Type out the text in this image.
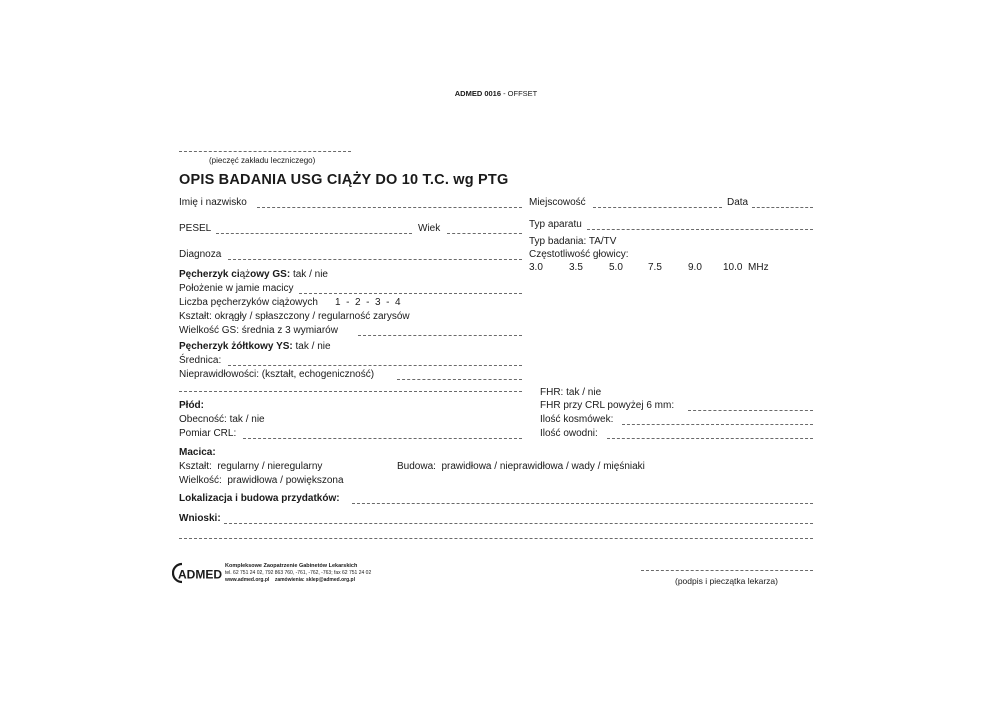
ADMED 0016 - OFFSET
(pieczęć zakładu leczniczego)
OPIS BADANIA USG CIĄŻY DO 10 T.C. wg PTG
Imię i nazwisko
PESEL	Wiek
Diagnoza
Miejscowość	Data
Typ aparatu
Typ badania: TA/TV
Częstotliwość głowicy:
3.0	3.5	5.0	7.5	9.0 10.0  MHz
Pęcherzyk ciążowy GS: tak / nie
Położenie w jamie macicy
Liczba pęcherzyków ciążowych 1  -  2  -  3  -  4
Kształt: okrągły / spłaszczony / regularność zarysów
Wielkość GS: średnia z 3 wymiarów
Pęcherzyk żółtkowy YS: tak / nie
Średnica:
Nieprawidłowości: (kształt, echogeniczność)
Płód:
Obecność: tak / nie
Pomiar CRL:
FHR: tak / nie
FHR przy CRL powyżej 6 mm:
Ilość kosmówek:
Ilość owodni:
Macica:
Kształt:  regularny / nieregularny	Budowa:  prawidłowa / nieprawidłowa / wady / mięśniaki
Wielkość:  prawidłowa / powiększona
Lokalizacja i budowa przydatków:
Wnioski:
ADMED
Kompleksowe Zaopatrzenie Gabinetów Lekarskich
tel. 62 751 24 02, 792 863 760, -761, -762, -763; fax 62 751 24 02
www.admed.org.pl    zamówienia: sklep@admed.org.pl	(podpis i pieczątka lekarza)
